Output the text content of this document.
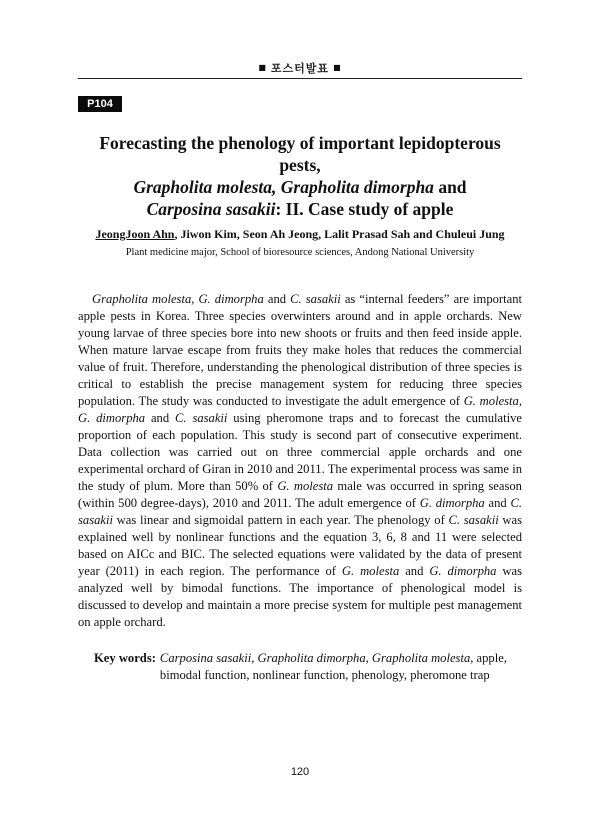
■ 포스터발표 ■
P104
Forecasting the phenology of important lepidopterous pests,
Grapholita molesta, Grapholita dimorpha and
Carposina sasakii: II. Case study of apple
JeongJoon Ahn, Jiwon Kim, Seon Ah Jeong, Lalit Prasad Sah and Chuleui Jung
Plant medicine major, School of bioresource sciences, Andong National University
Grapholita molesta, G. dimorpha and C. sasakii as “internal feeders” are important apple pests in Korea. Three species overwinters around and in apple orchards. New young larvae of three species bore into new shoots or fruits and then feed inside apple. When mature larvae escape from fruits they make holes that reduces the commercial value of fruit. Therefore, understanding the phenological distribution of three species is critical to establish the precise management system for reducing three species population. The study was conducted to investigate the adult emergence of G. molesta, G. dimorpha and C. sasakii using pheromone traps and to forecast the cumulative proportion of each population. This study is second part of consecutive experiment. Data collection was carried out on three commercial apple orchards and one experimental orchard of Giran in 2010 and 2011. The experimental process was same in the study of plum. More than 50% of G. molesta male was occurred in spring season (within 500 degree-days), 2010 and 2011. The adult emergence of G. dimorpha and C. sasakii was linear and sigmoidal pattern in each year. The phenology of C. sasakii was explained well by nonlinear functions and the equation 3, 6, 8 and 11 were selected based on AICc and BIC. The selected equations were validated by the data of present year (2011) in each region. The performance of G. molesta and G. dimorpha was analyzed well by bimodal functions. The importance of phenological model is discussed to develop and maintain a more precise system for multiple pest management on apple orchard.
Key words: Carposina sasakii, Grapholita dimorpha, Grapholita molesta, apple, bimodal function, nonlinear function, phenology, pheromone trap
120
